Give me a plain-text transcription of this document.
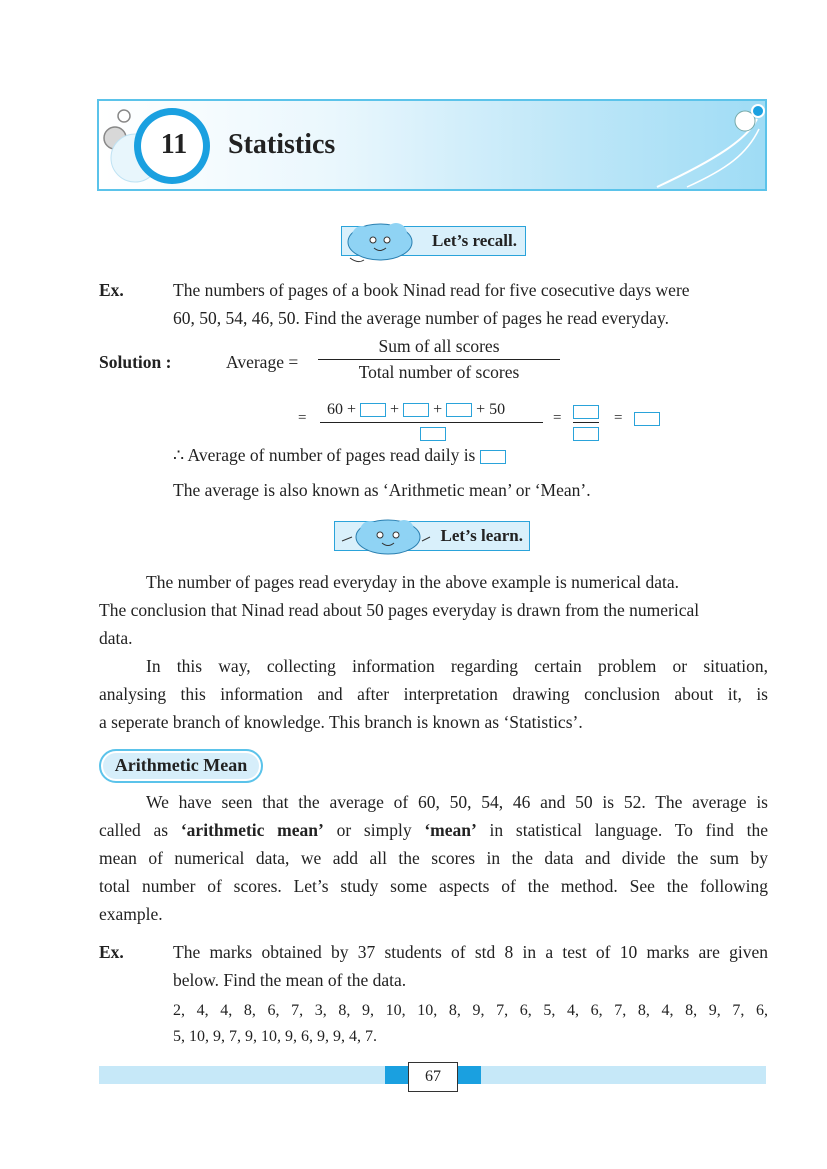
11 Statistics
Let’s recall.
Ex.	The numbers of pages of a book Ninad read for five cosecutive days were
60, 50, 54, 46, 50. Find the average number of pages he read everyday.
Solution :	Average =
Sum of all scores
Total number of scores
=	60 + + + + 50	=	=
∴ Average of number of pages read daily is
The average is also known as ‘Arithmetic mean’ or ‘Mean’.
Let’s learn.
The number of pages read everyday in the above example is numerical data.
The conclusion that Ninad read about 50 pages everyday is drawn from the numerical
data.
In this way, collecting information regarding certain problem or situation,
analysing this information and after interpretation drawing conclusion about it, is
a seperate branch of knowledge. This branch is known as ‘Statistics’.
Arithmetic Mean
We have seen that the average of 60, 50, 54, 46 and 50 is 52. The average is
called as ‘arithmetic mean’ or simply ‘mean’ in statistical language. To find the
mean of numerical data, we add all the scores in the data and divide the sum by
total number of scores. Let’s study some aspects of the method. See the following
example.
Ex.	The marks obtained by 37 students of std 8 in a test of 10 marks are given
below. Find the mean of the data.
2, 4, 4, 8, 6, 7, 3, 8, 9, 10, 10, 8, 9, 7, 6, 5, 4, 6, 7, 8, 4, 8, 9, 7, 6,
5, 10, 9, 7, 9, 10, 9, 6, 9, 9, 4, 7.
67
